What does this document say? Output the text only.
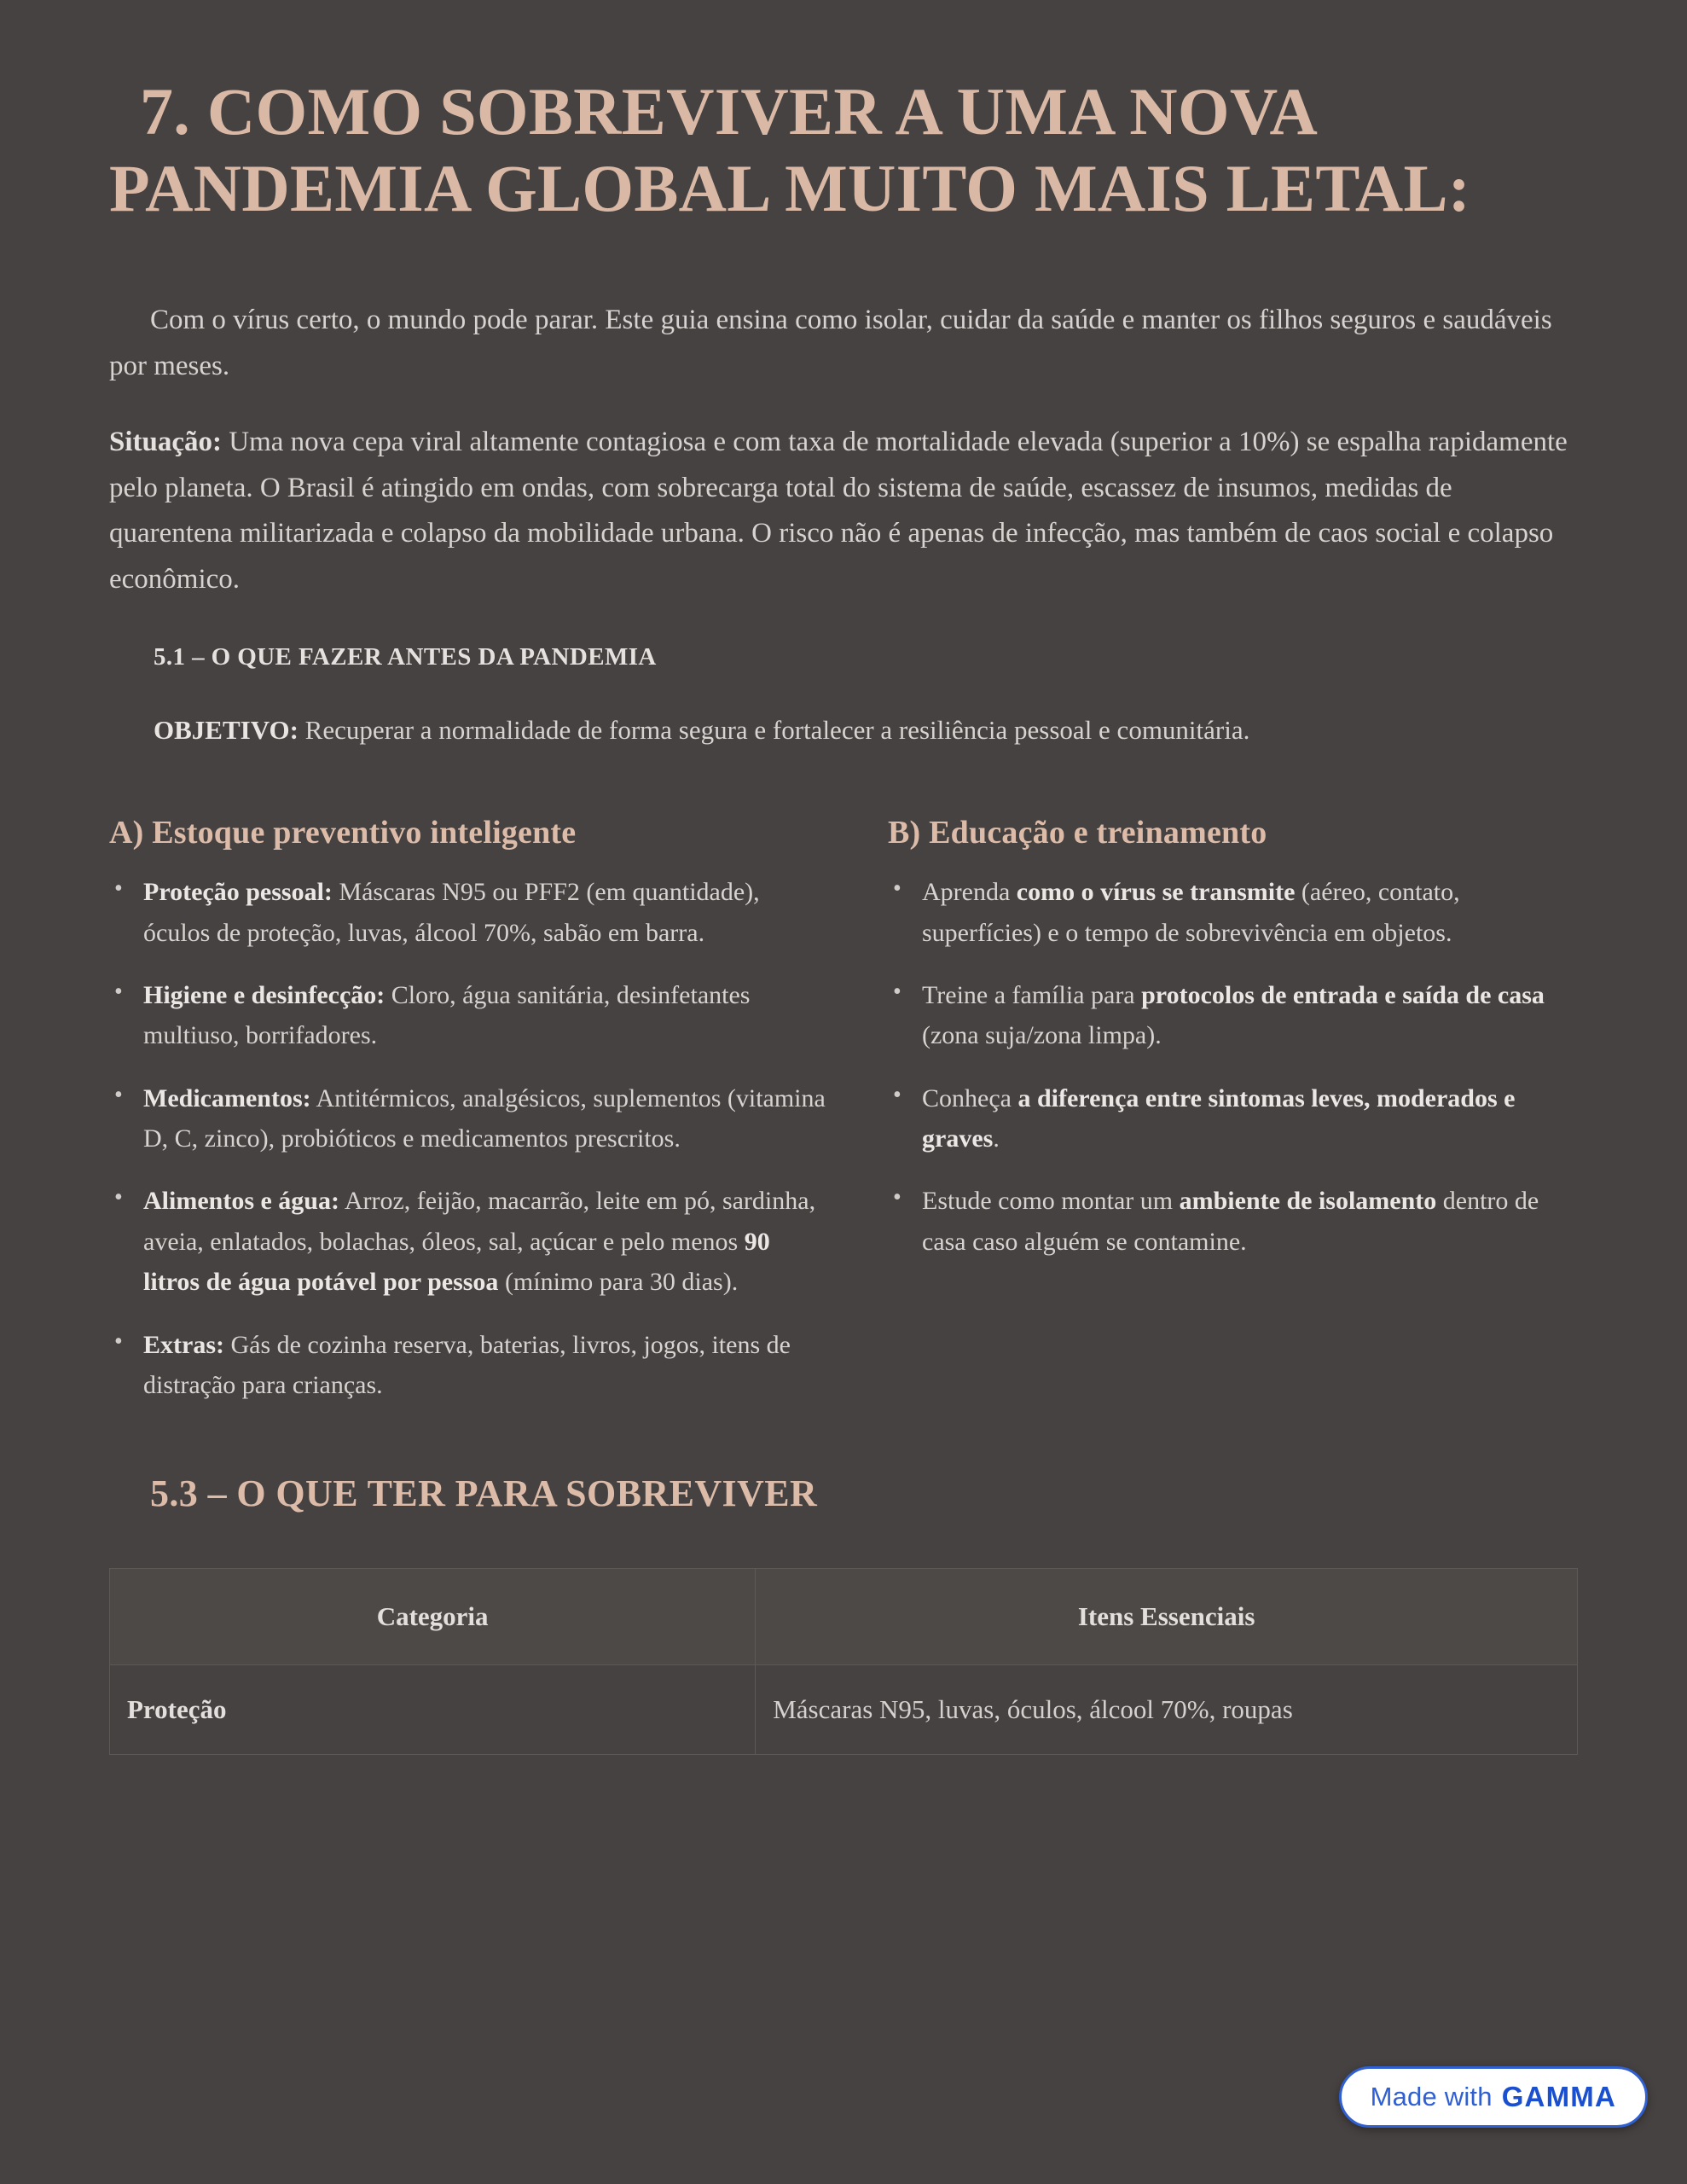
7. COMO SOBREVIVER A UMA NOVA PANDEMIA GLOBAL MUITO MAIS LETAL:

Com o vírus certo, o mundo pode parar. Este guia ensina como isolar, cuidar da saúde e manter os filhos seguros e saudáveis por meses.

Situação: Uma nova cepa viral altamente contagiosa e com taxa de mortalidade elevada (superior a 10%) se espalha rapidamente pelo planeta. O Brasil é atingido em ondas, com sobrecarga total do sistema de saúde, escassez de insumos, medidas de quarentena militarizada e colapso da mobilidade urbana. O risco não é apenas de infecção, mas também de caos social e colapso econômico.

5.1 – O QUE FAZER ANTES DA PANDEMIA

OBJETIVO: Recuperar a normalidade de forma segura e fortalecer a resiliência pessoal e comunitária.

A) Estoque preventivo inteligente
• Proteção pessoal: Máscaras N95 ou PFF2 (em quantidade), óculos de proteção, luvas, álcool 70%, sabão em barra.
• Higiene e desinfecção: Cloro, água sanitária, desinfetantes multiuso, borrifadores.
• Medicamentos: Antitérmicos, analgésicos, suplementos (vitamina D, C, zinco), probióticos e medicamentos prescritos.
• Alimentos e água: Arroz, feijão, macarrão, leite em pó, sardinha, aveia, enlatados, bolachas, óleos, sal, açúcar e pelo menos 90 litros de água potável por pessoa (mínimo para 30 dias).
• Extras: Gás de cozinha reserva, baterias, livros, jogos, itens de distração para crianças.
B) Educação e treinamento
• Aprenda como o vírus se transmite (aéreo, contato, superfícies) e o tempo de sobrevivência em objetos.
• Treine a família para protocolos de entrada e saída de casa (zona suja/zona limpa).
• Conheça a diferença entre sintomas leves, moderados e graves.
• Estude como montar um ambiente de isolamento dentro de casa caso alguém se contamine.
5.3 – O QUE TER PARA SOBREVIVER
Categoria	Itens Essenciais
Proteção	Máscaras N95, luvas, óculos, álcool 70%, roupas
Made with GAMMA
